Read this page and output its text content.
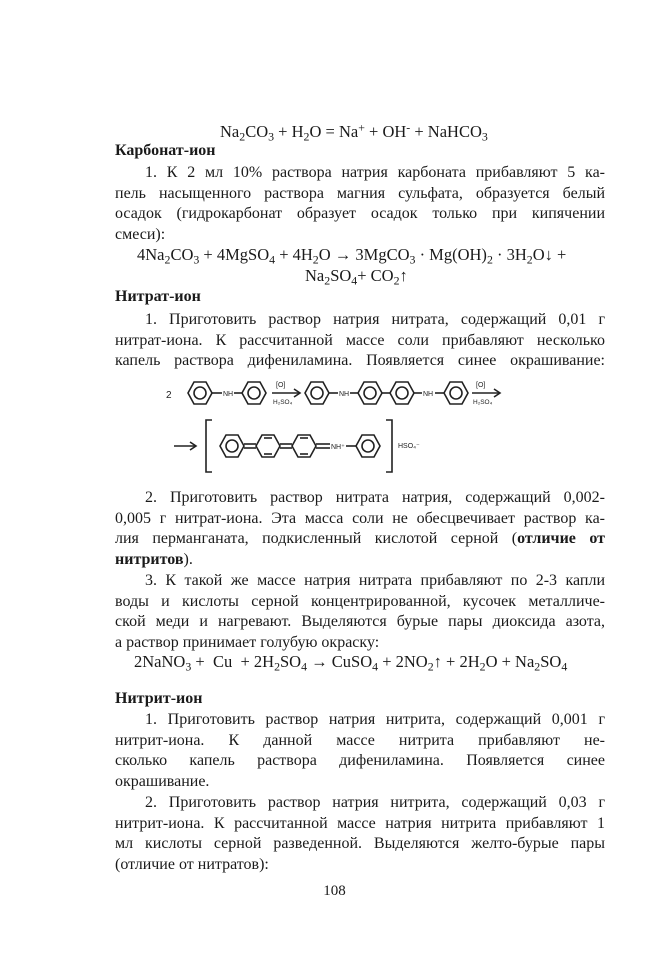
$Na_2CO_3 + H_2O = Na^+ + OH^-$ + NaHCO$_3$
Карбонат-ион
1. К 2 мл 10% раствора натрия карбоната прибавляют 5 ка-
пель насыщенного раствора магния сульфата, образуется белый
осадок (гидрокарбонат образует осадок только при кипячении
смеси):
$4Na_2CO_3$ + 4MgSO$_4$ + $4H_2O$ → 3MgCO$_3$ · $Mg(OH)_2$ · $3H_2O↓$ +
$Na_2SO_4+$ $CO_2↑$
Нитрат-ион
1. Приготовить раствор натрия нитрата, содержащий 0,01 г
нитрат-иона. К рассчитанной массе соли прибавляют несколько
капель раствора дифениламина. Появляется синее окрашивание:
2	NH
[O]
H₂SO₄
NH	NH
[O]
H₂SO₄
NH⁺	HSO₄⁻
2. Приготовить раствор нитрата натрия, содержащий 0,002-
0,005 г нитрат-иона. Эта масса соли не обесцвечивает раствор ка-
лия перманганата, подкисленный кислотой серной (отличие от
нитритов).
3. К такой же массе натрия нитрата прибавляют по 2-3 капли
воды и кислоты серной концентрированной, кусочек металличе-
ской меди и нагревают. Выделяются бурые пары диоксида азота,
а раствор принимает голубую окраску:
2NaNO$_3$ +  $Cu + 2H_2SO_4$ → CuSO$_4$ + $2NO_2↑ + 2H_2O + Na_2SO_4$
Нитрит-ион
1. Приготовить раствор натрия нитрита, содержащий 0,001 г
нитрит-иона. К данной массе нитрита прибавляют не-
сколько капель раствора дифениламина. Появляется синее
окрашивание.
2. Приготовить раствор натрия нитрита, содержащий 0,03 г
нитрит-иона. К рассчитанной массе натрия нитрита прибавляют 1
мл кислоты серной разведенной. Выделяются желто-бурые пары
(отличие от нитратов):
108
